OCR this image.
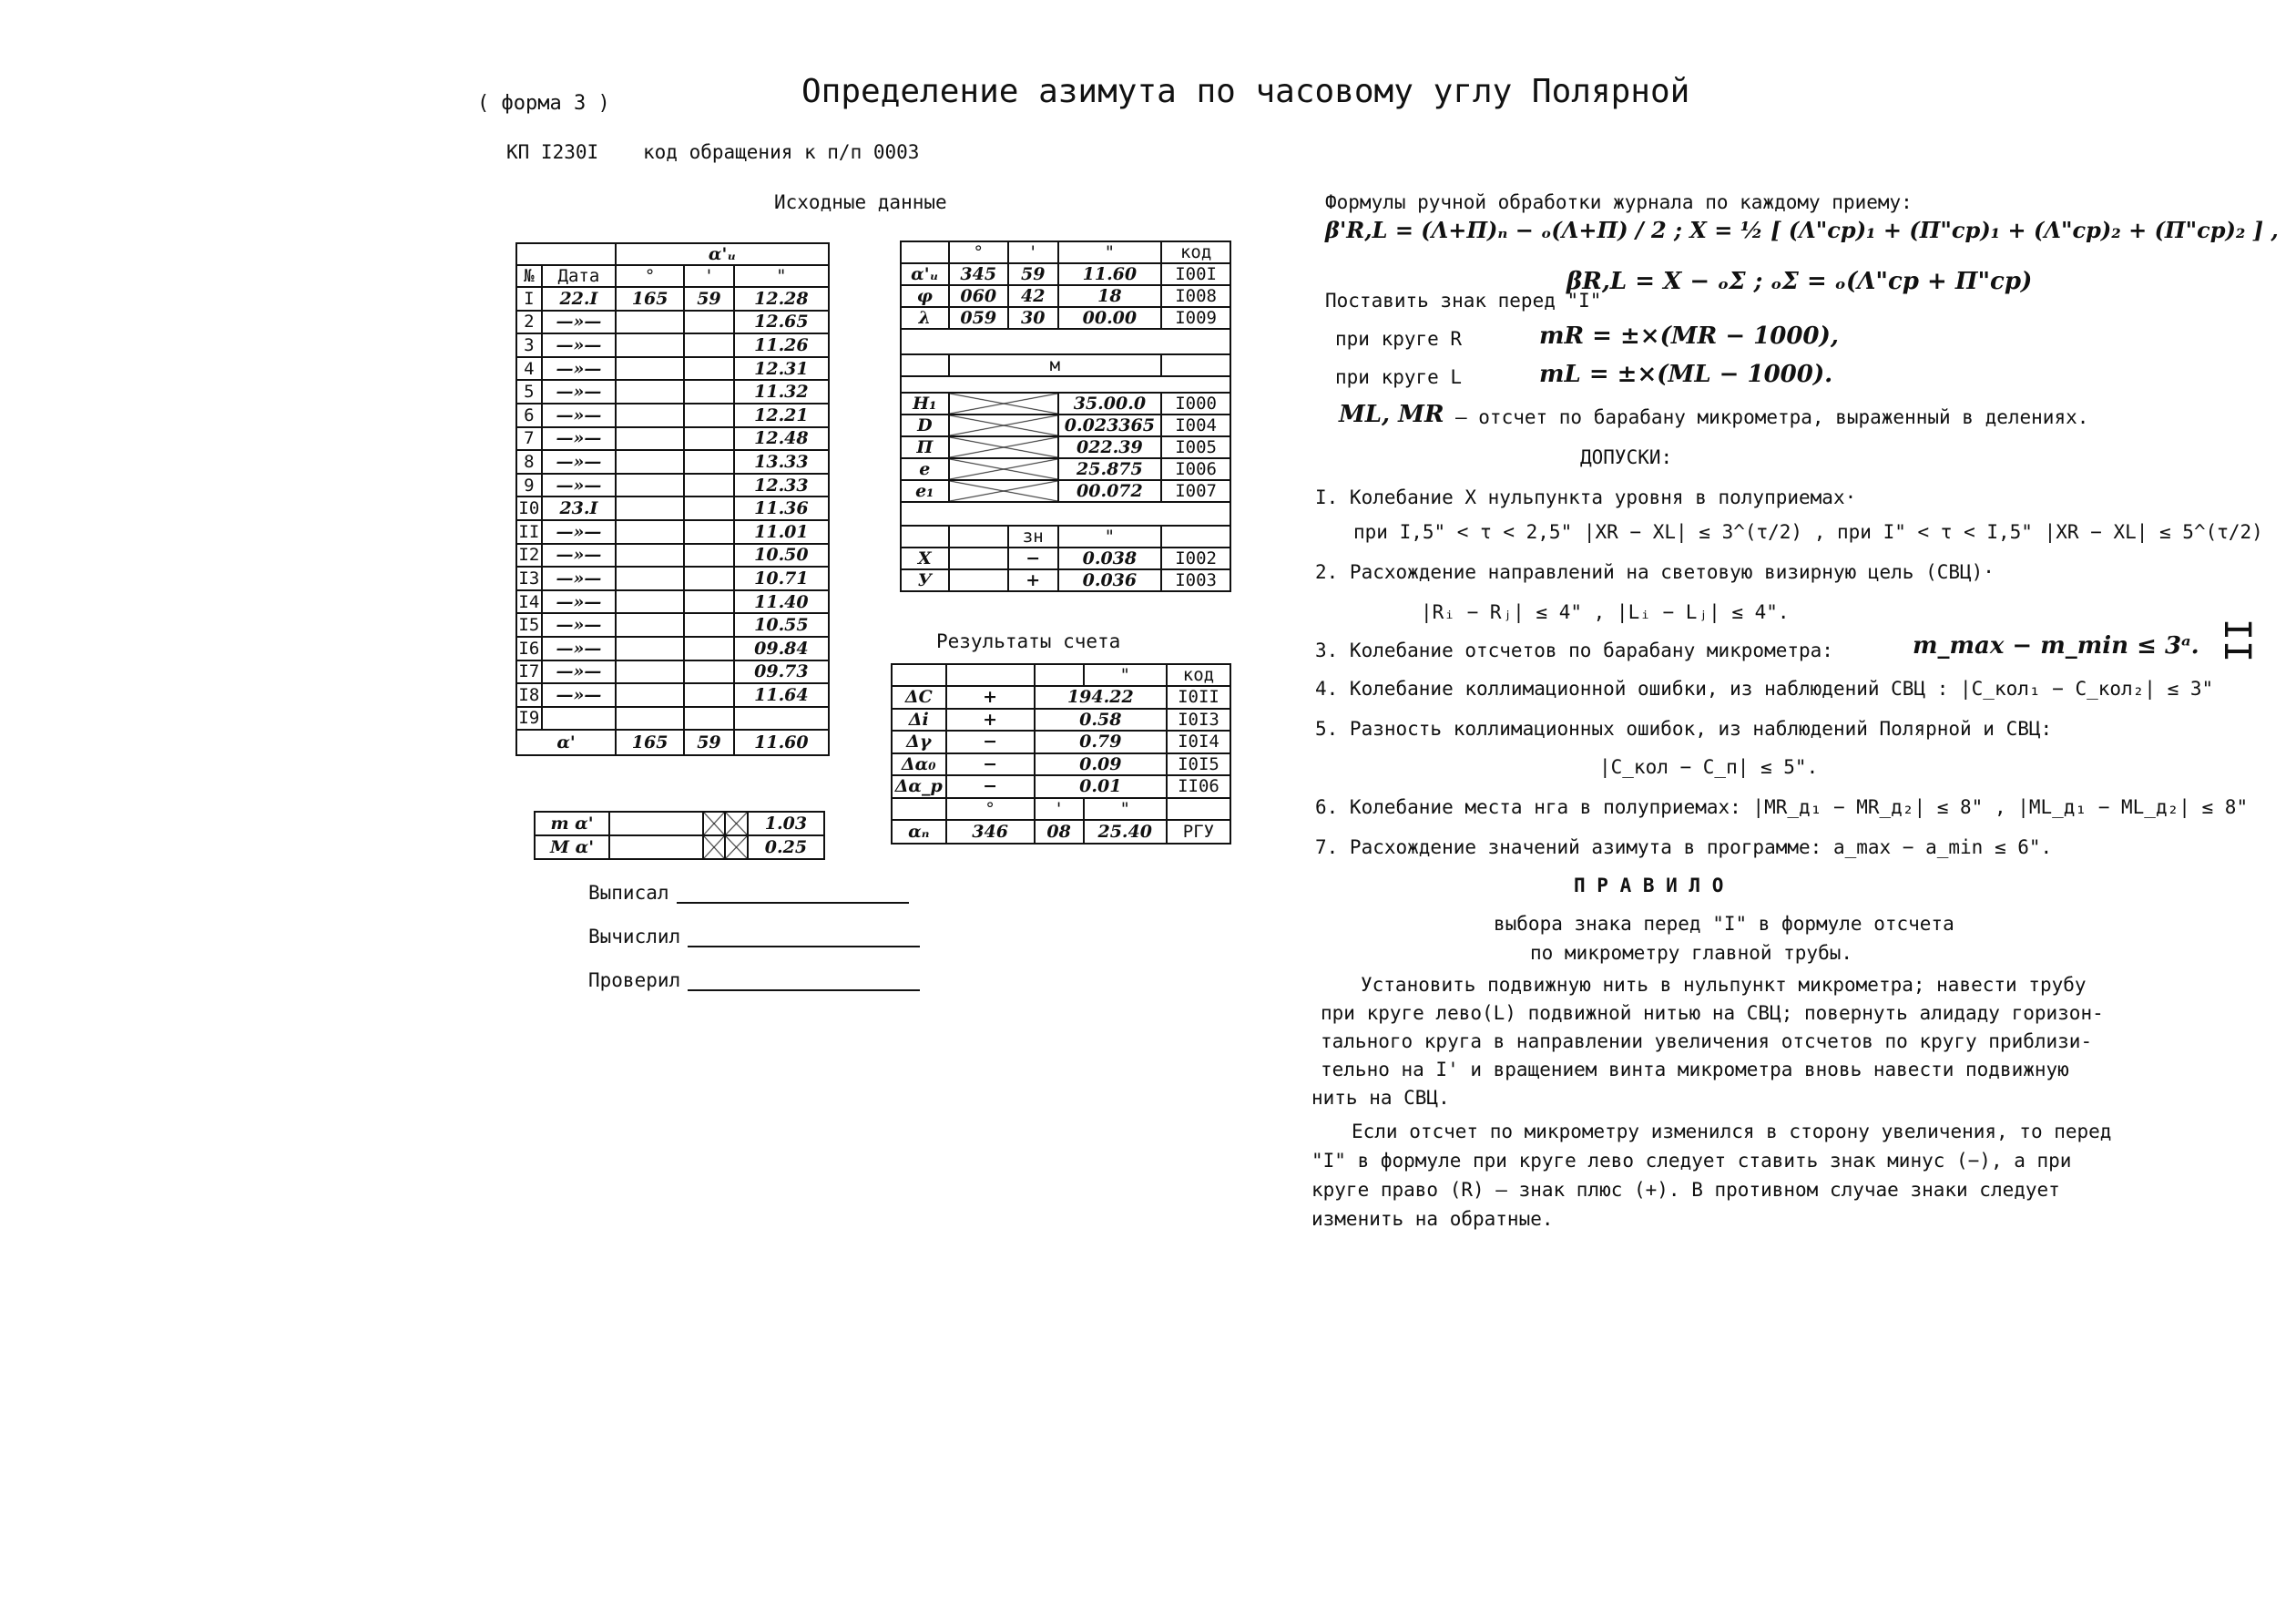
( форма 3 )	Определение азимута по часовому углу Полярной
КП I230I код обращения к п/п 0003
II
Исходные данные
		α'ᵤ		
№	Дата	°	'	"
I	22.I	165	59	12.28
2	—»—			12.65
3	—»—			11.26
4	—»—			12.31
5	—»—			11.32
6	—»—			12.21
7	—»—			12.48
8	—»—			13.33
9	—»—			12.33
I0	23.I			11.36
II	—»—			11.01
I2	—»—			10.50
I3	—»—			10.71
I4	—»—			11.40
I5	—»—			10.55
I6	—»—			09.84
I7	—»—			09.73
I8	—»—			11.64
I9				
α'		165	59	11.60
m α'				1.03
M α'				0.25
	°	'	"	код
α'ᵤ	345	59	11.60	I00I
φ	060	42	18	I008
λ	059	30	00.00	I009

	м			

H₁			35.00.0	I000
D			0.023365	I004
Π			022.39	I005
e			25.875	I006
e₁			00.072	I007

		зн	"	
X		−	0.038	I002
У		+	0.036	I003
Результаты счета
			"	код
ΔC	+	194.22		I0II
Δi	+	0.58		I0I3
Δγ	−	0.79		I0I4
Δα₀	−	0.09		I0I5
Δα_p	−	0.01		II06
	°	'	"	
αₙ	346	08	25.40	РГУ
Выписал
Вычислил
Проверил
Формулы ручной обработки журнала по каждому приему:
β'R,L = (Λ+Π)ₙ − ₒ(Λ+Π) / 2 ; X = ½ [ (Λ"cp)₁ + (Π"cp)₁ + (Λ"cp)₂ + (Π"cp)₂ ] ,
Поставить знак перед "I"
βR,L = X − ₒΣ ; ₒΣ = ₒ(Λ"cp + Π"cp)
при круге R	mR = ±×(MR − 1000),
при круге L	mL = ±×(ML − 1000).
ML, MR – отсчет по барабану микрометра, выраженный в делениях.
ДОПУСКИ:
I. Колебание X нульпункта уровня в полуприемах·
при I,5" < τ < 2,5" |XR − XL| ≤ 3^(τ/2) , при I" < τ < I,5" |XR − XL| ≤ 5^(τ/2)
2. Расхождение направлений на световую визирную цель (СВЦ)·
|Rᵢ − Rⱼ| ≤ 4" , |Lᵢ − Lⱼ| ≤ 4".
3. Колебание отсчетов по барабану микрометра:	m_max − m_min ≤ 3ᵃ.
4. Колебание коллимационной ошибки, из наблюдений СВЦ : |C_кол₁ − C_кол₂| ≤ 3"
5. Разность коллимационных ошибок, из наблюдений Полярной и СВЦ:
|C_кол − C_п| ≤ 5".
6. Колебание места нга в полуприемах: |MR_д₁ − MR_д₂| ≤ 8" , |ML_д₁ − ML_д₂| ≤ 8"
7. Расхождение значений азимута в программе: a_max − a_min ≤ 6".
П Р А В И Л О
выбора знака перед "I" в формуле отсчета
по микрометру главной трубы.
Установить подвижную нить в нульпункт микрометра; навести трубу
при круге лево(L) подвижной нитью на СВЦ; повернуть алидаду горизон-
тального круга в направлении увеличения отсчетов по кругу приблизи-
тельно на I' и вращением винта микрометра вновь навести подвижную
нить на СВЦ.
Если отсчет по микрометру изменился в сторону увеличения, то перед
"I" в формуле при круге лево следует ставить знак минус (−), а при
круге право (R) – знак плюс (+). В противном случае знаки следует
изменить на обратные.
